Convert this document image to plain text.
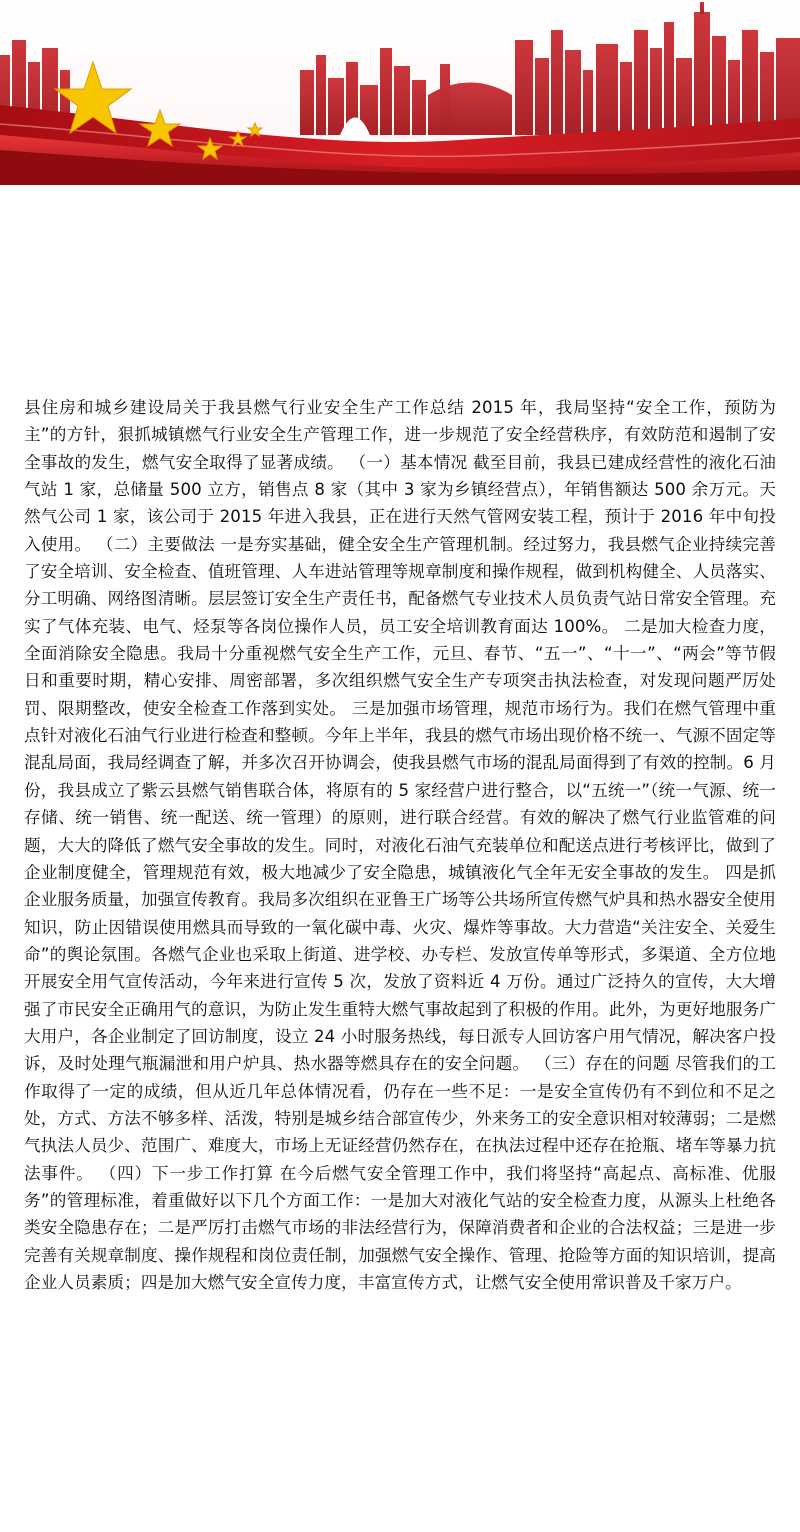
县住房和城乡建设局关于我县燃气行业安全生产工作总结 2015 年，我局坚持“安全工作，预防为主”的方针，狠抓城镇燃气行业安全生产管理工作，进一步规范了安全经营秩序，有效防范和遏制了安全事故的发生，燃气安全取得了显著成绩。 （一）基本情况 截至目前，我县已建成经营性的液化石油气站 1 家，总储量 500 立方，销售点 8 家（其中 3 家为乡镇经营点），年销售额达 500 余万元。天然气公司 1 家，该公司于 2015 年进入我县，正在进行天然气管网安装工程，预计于 2016 年中旬投入使用。 （二）主要做法 一是夯实基础，健全安全生产管理机制。经过努力，我县燃气企业持续完善了安全培训、安全检查、值班管理、人车进站管理等规章制度和操作规程，做到机构健全、人员落实、分工明确、网络图清晰。层层签订安全生产责任书，配备燃气专业技术人员负责气站日常安全管理。充实了气体充装、电气、烃泵等各岗位操作人员，员工安全培训教育面达 100%。 二是加大检查力度，全面消除安全隐患。我局十分重视燃气安全生产工作，元旦、春节、“五一”、“十一”、“两会”等节假日和重要时期，精心安排、周密部署，多次组织燃气安全生产专项突击执法检查，对发现问题严厉处罚、限期整改，使安全检查工作落到实处。 三是加强市场管理，规范市场行为。我们在燃气管理中重点针对液化石油气行业进行检查和整顿。今年上半年，我县的燃气市场出现价格不统一、气源不固定等混乱局面，我局经调查了解，并多次召开协调会，使我县燃气市场的混乱局面得到了有效的控制。6 月份，我县成立了紫云县燃气销售联合体，将原有的 5 家经营户进行整合，以“五统一”（统一气源、统一存储、统一销售、统一配送、统一管理）的原则，进行联合经营。有效的解决了燃气行业监管难的问题，大大的降低了燃气安全事故的发生。同时，对液化石油气充装单位和配送点进行考核评比，做到了企业制度健全，管理规范有效，极大地减少了安全隐患，城镇液化气全年无安全事故的发生。 四是抓企业服务质量，加强宣传教育。我局多次组织在亚鲁王广场等公共场所宣传燃气炉具和热水器安全使用知识，防止因错误使用燃具而导致的一氧化碳中毒、火灾、爆炸等事故。大力营造“关注安全、关爱生命”的舆论氛围。各燃气企业也采取上街道、进学校、办专栏、发放宣传单等形式，多渠道、全方位地开展安全用气宣传活动，今年来进行宣传 5 次，发放了资料近 4 万份。通过广泛持久的宣传，大大增强了市民安全正确用气的意识，为防止发生重特大燃气事故起到了积极的作用。此外，为更好地服务广大用户，各企业制定了回访制度，设立 24 小时服务热线，每日派专人回访客户用气情况，解决客户投诉，及时处理气瓶漏泄和用户炉具、热水器等燃具存在的安全问题。 （三）存在的问题 尽管我们的工作取得了一定的成绩，但从近几年总体情况看，仍存在一些不足：一是安全宣传仍有不到位和不足之处，方式、方法不够多样、活泼，特别是城乡结合部宣传少，外来务工的安全意识相对较薄弱；二是燃气执法人员少、范围广、难度大，市场上无证经营仍然存在，在执法过程中还存在抢瓶、堵车等暴力抗法事件。 （四）下一步工作打算 在今后燃气安全管理工作中，我们将坚持“高起点、高标准、优服务”的管理标准，着重做好以下几个方面工作：一是加大对液化气站的安全检查力度，从源头上杜绝各类安全隐患存在；二是严厉打击燃气市场的非法经营行为，保障消费者和企业的合法权益；三是进一步完善有关规章制度、操作规程和岗位责任制，加强燃气安全操作、管理、抢险等方面的知识培训，提高企业人员素质；四是加大燃气安全宣传力度，丰富宣传方式，让燃气安全使用常识普及千家万户。
